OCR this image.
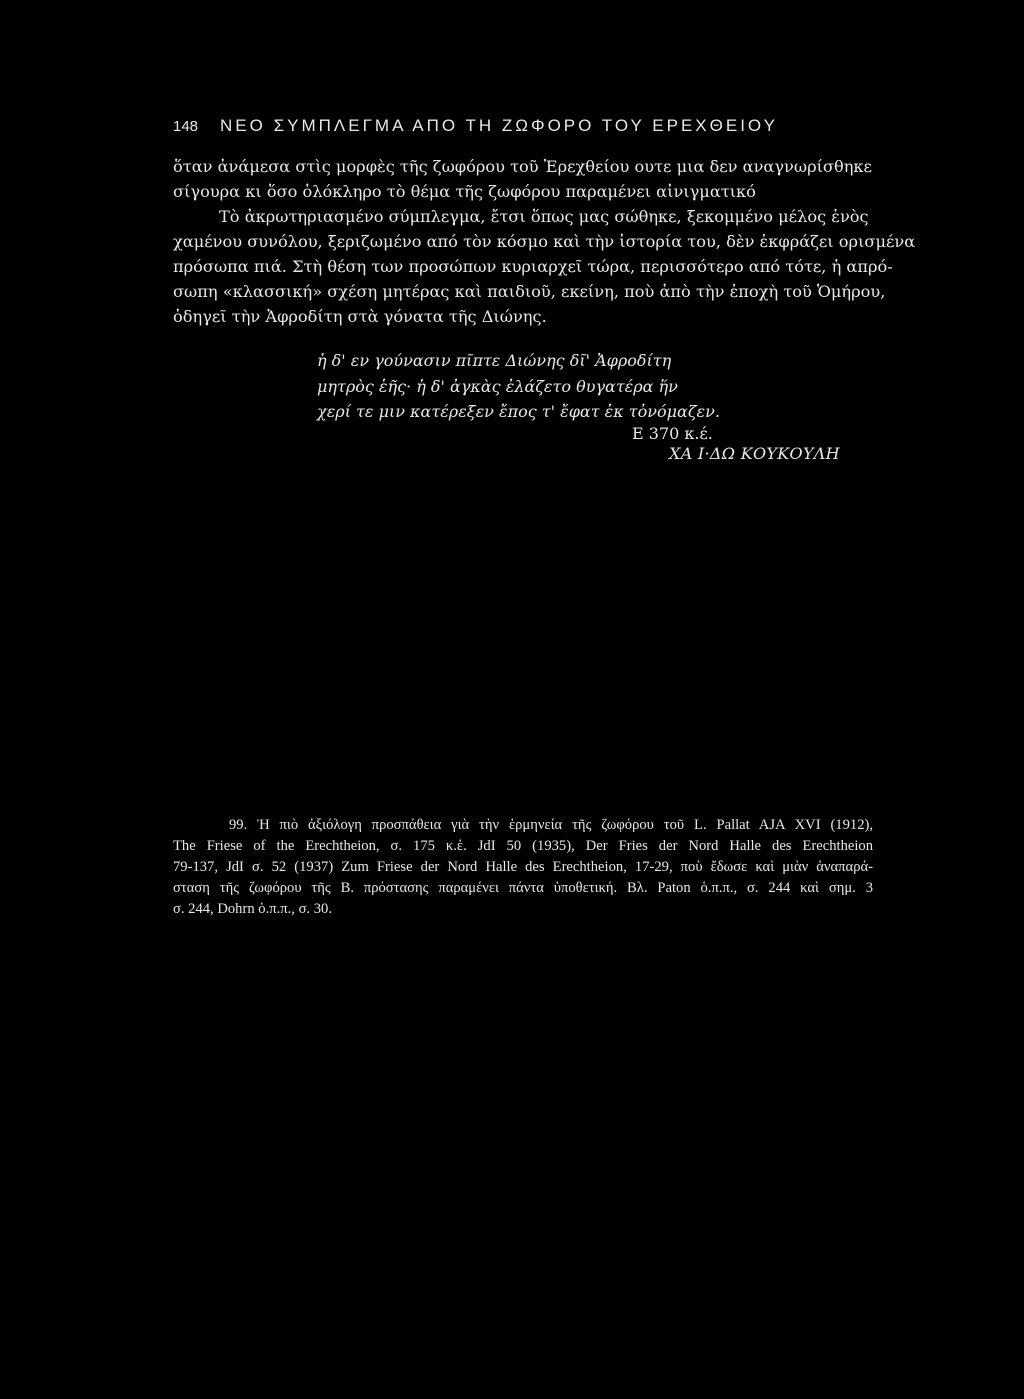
148 ΝΕΟ ΣΥΜΠΛΕΓΜΑ ΑΠΟ ΤΗ ΖΩΦΟΡΟ ΤΟΥ ΕΡΕΧΘΕΙΟΥ
ὅταν ἀνάμεσα στὶς μορφὲς τῆς ζωφόρου τοῦ Ἐρεχθείου ουτε μια δεν αναγνωρίσθηκε
σίγουρα κι ὅσο ὁλόκληρο τὸ θέμα τῆς ζωφόρου παραμένει αἰνιγματικό
Τὸ ἀκρωτηριασμένο σύμπλεγμα, ἔτσι ὅπως μας σώθηκε, ξεκομμένο μέλος ἑνὸς
χαμένου συνόλου, ξεριζωμένο από τὸν κόσμο καὶ τὴν ἱστορία του, δὲν ἐκφράζει ορισμένα
πρόσωπα πιά. Στὴ θέση των προσώπων κυριαρχεῖ τώρα, περισσότερο από τότε, ἡ απρό-
σωπη «κλασσική» σχέση μητέρας καὶ παιδιοῦ, εκείνη, ποὺ ἀπὸ τὴν ἐποχὴ τοῦ Ὁμήρου,
ὁδηγεῖ τὴν Ἀφροδίτη στὰ γόνατα τῆς Διώνης.
ἡ δ' εν γούνασιν πῖπτε Διώνης δῖ' Ἀφροδίτη
μητρὸς ἑῆς· ἡ δ' ἀγκὰς ἐλάζετο θυγατέρα ἥν
χερί τε μιν κατέρεξεν ἔπος τ' ἔφατ ἐκ τὀνόμαζεν.
Ε 370 κ.έ.
ΧΑ Ι·ΔΩ ΚΟΥΚΟΥΛΗ
99. Ἡ πιὸ ἀξιόλογη προσπάθεια γιὰ τὴν ἑρμηνεία τῆς ζωφόρου τοῦ L. Pallat AJA XVI (1912),
The Friese of the Erechtheion, σ. 175 κ.ἑ. JdI 50 (1935), Der Fries der Nord Halle des Erechtheion
79-137, JdI σ. 52 (1937) Zum Friese der Nord Halle des Erechtheion, 17-29, ποὺ ἔδωσε καὶ μιὰν ἀναπαρά-
σταση τῆς ζωφόρου τῆς Β. πρόστασης παραμένει πάντα ὑποθετική. Βλ. Paton ὁ.π.π., σ. 244 καὶ σημ. 3
σ. 244, Dohrn ὁ.π.π., σ. 30.
